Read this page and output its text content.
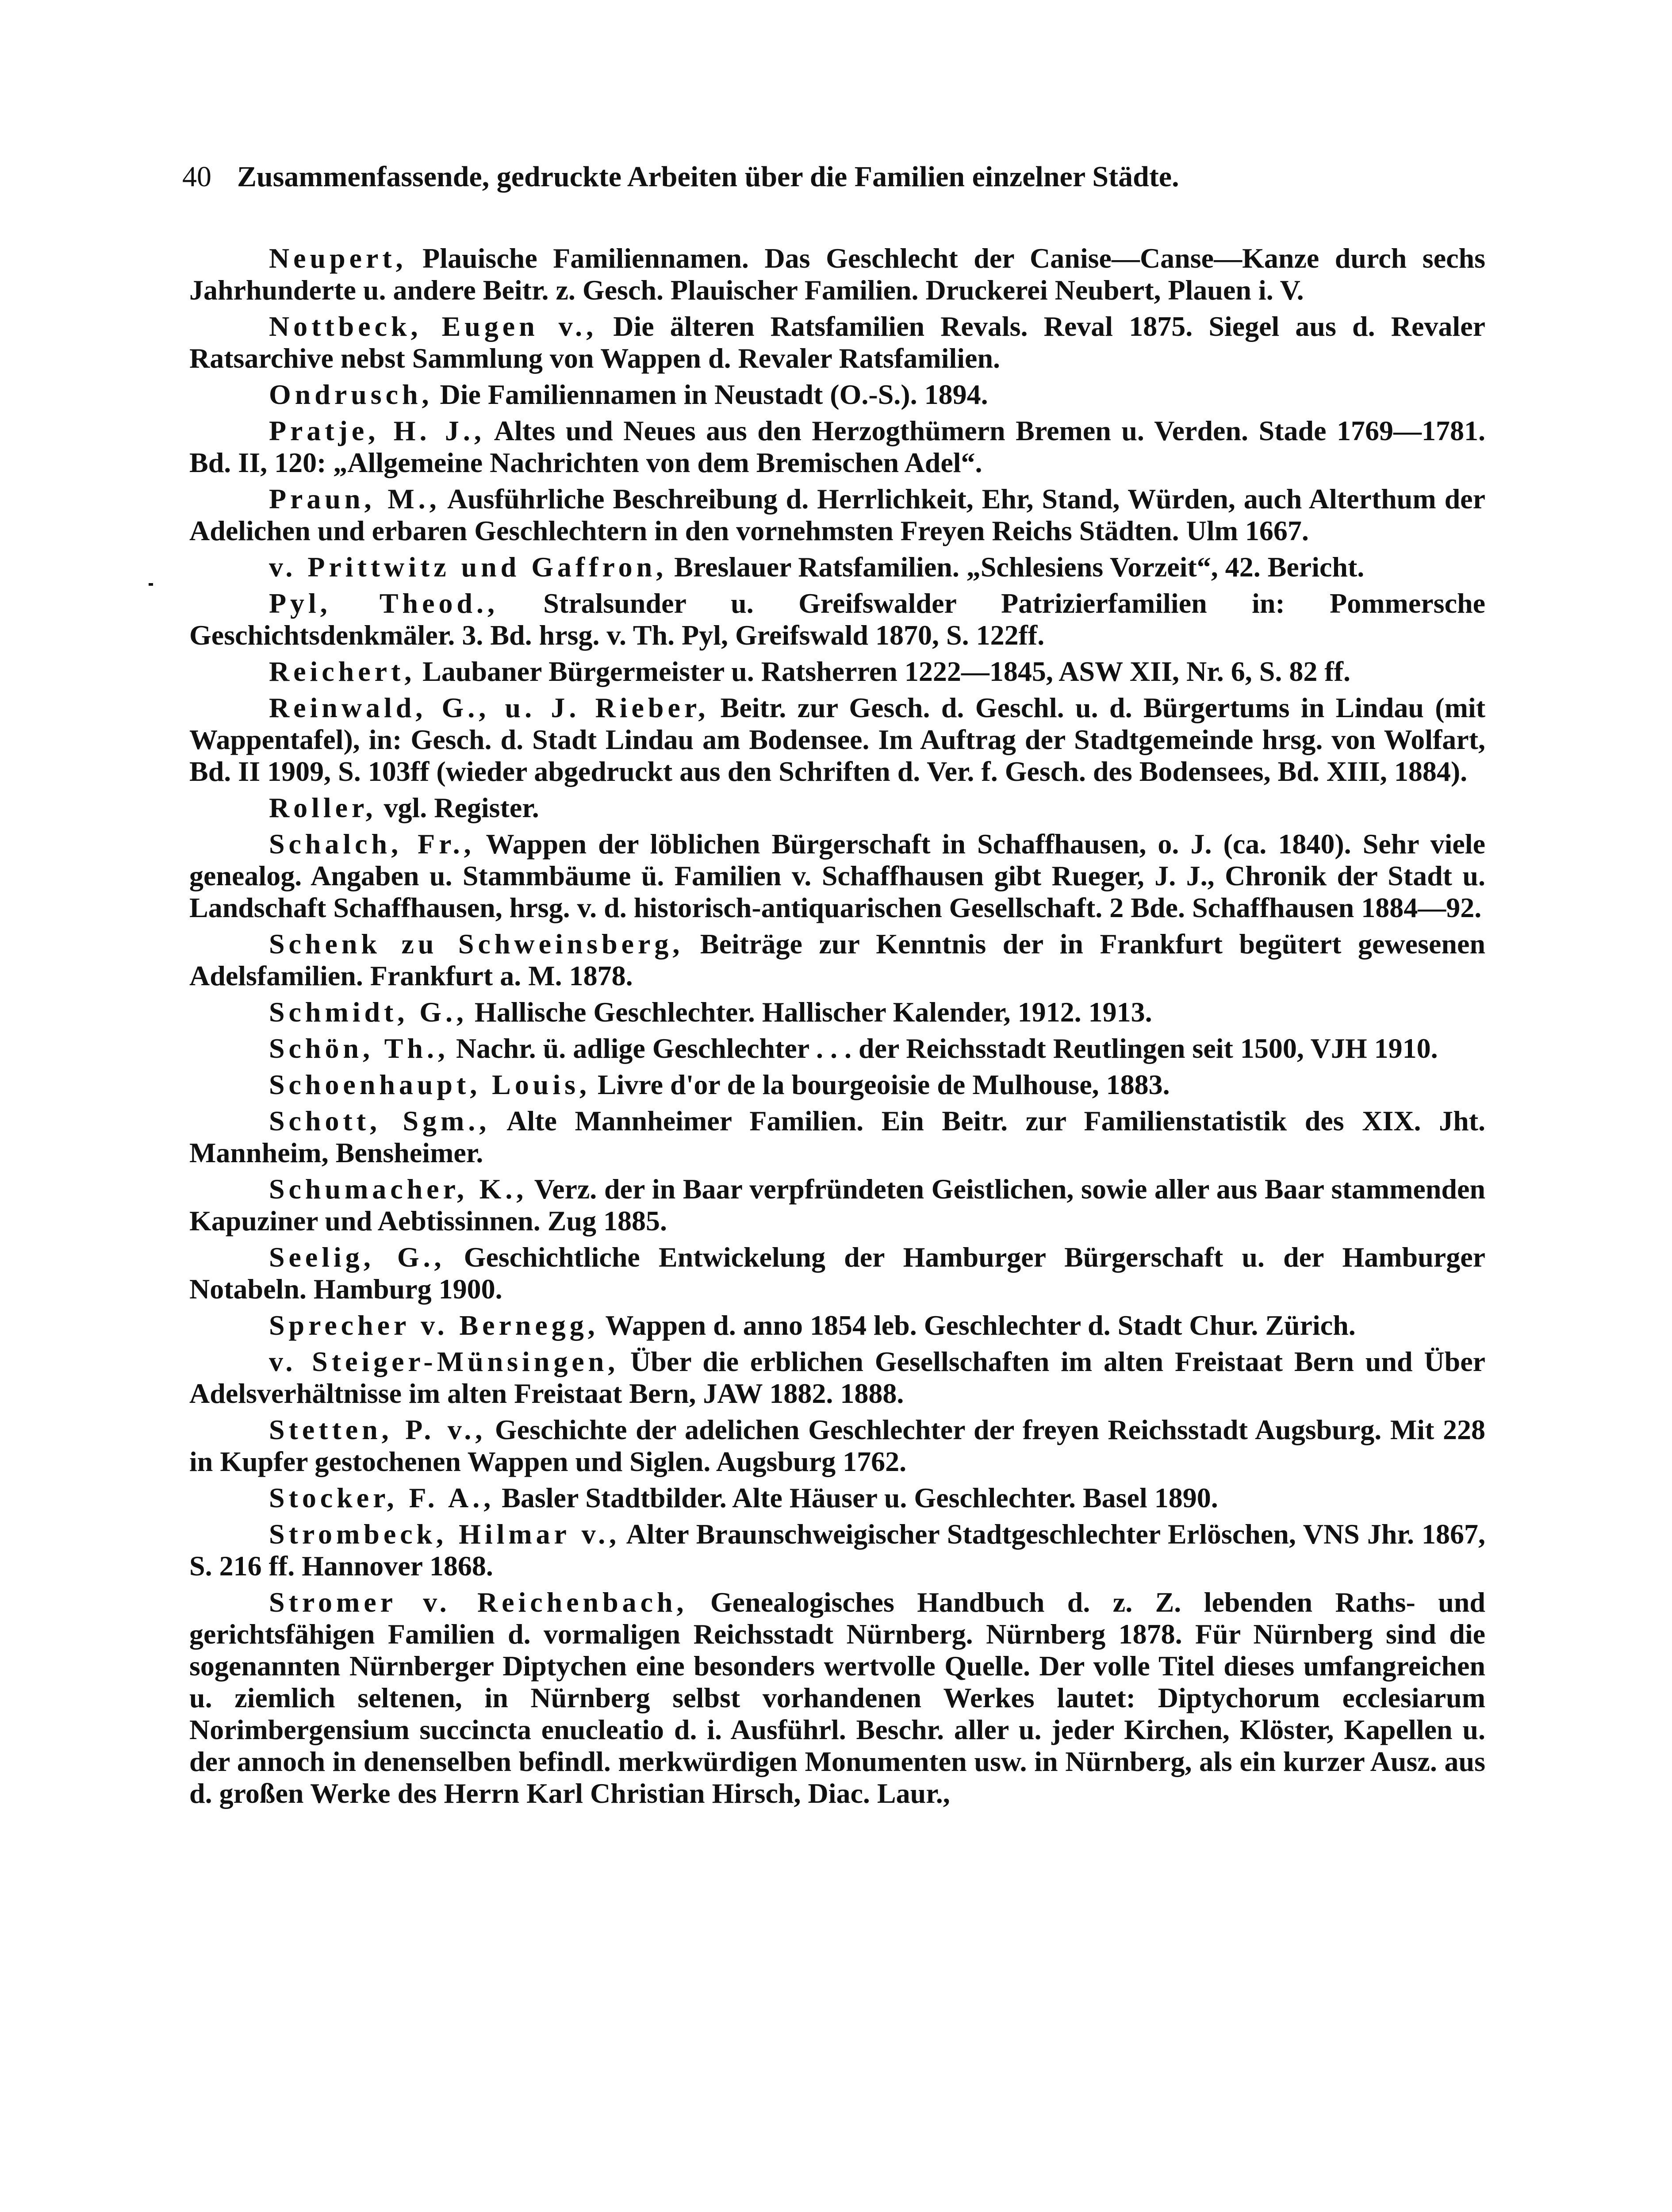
40 Zusammenfassende, gedruckte Arbeiten über die Familien einzelner Städte.

Neupert, Plauische Familiennamen. Das Geschlecht der Canise—Canse—Kanze durch sechs Jahrhunderte u. andere Beitr. z. Gesch. Plauischer Familien. Druckerei Neubert, Plauen i. V.

Nottbeck, Eugen v., Die älteren Ratsfamilien Revals. Reval 1875. Siegel aus d. Revaler Ratsarchive nebst Sammlung von Wappen d. Revaler Ratsfamilien.

Ondrusch, Die Familiennamen in Neustadt (O.-S.). 1894.

Pratje, H. J., Altes und Neues aus den Herzogthümern Bremen u. Verden. Stade 1769—1781. Bd. II, 120: „Allgemeine Nachrichten von dem Bremischen Adel“.

Praun, M., Ausführliche Beschreibung d. Herrlichkeit, Ehr, Stand, Würden, auch Alterthum der Adelichen und erbaren Geschlechtern in den vornehmsten Freyen Reichs Städten. Ulm 1667.

v. Prittwitz und Gaffron, Breslauer Ratsfamilien. „Schlesiens Vorzeit“, 42. Bericht.

Pyl, Theod., Stralsunder u. Greifswalder Patrizierfamilien in: Pommersche Geschichtsdenkmäler. 3. Bd. hrsg. v. Th. Pyl, Greifswald 1870, S. 122ff.

Reichert, Laubaner Bürgermeister u. Ratsherren 1222—1845, ASW XII, Nr. 6, S. 82 ff.

Reinwald, G., u. J. Rieber, Beitr. zur Gesch. d. Geschl. u. d. Bürgertums in Lindau (mit Wappentafel), in: Gesch. d. Stadt Lindau am Bodensee. Im Auftrag der Stadtgemeinde hrsg. von Wolfart, Bd. II 1909, S. 103ff (wieder abgedruckt aus den Schriften d. Ver. f. Gesch. des Bodensees, Bd. XIII, 1884).

Roller, vgl. Register.

Schalch, Fr., Wappen der löblichen Bürgerschaft in Schaffhausen, o. J. (ca. 1840). Sehr viele genealog. Angaben u. Stammbäume ü. Familien v. Schaffhausen gibt Rueger, J. J., Chronik der Stadt u. Landschaft Schaffhausen, hrsg. v. d. historisch-antiquarischen Gesellschaft. 2 Bde. Schaffhausen 1884—92.

Schenk zu Schweinsberg, Beiträge zur Kenntnis der in Frankfurt begütert gewesenen Adelsfamilien. Frankfurt a. M. 1878.

Schmidt, G., Hallische Geschlechter. Hallischer Kalender, 1912. 1913.

Schön, Th., Nachr. ü. adlige Geschlechter . . . der Reichsstadt Reutlingen seit 1500, VJH 1910.

Schoenhaupt, Louis, Livre d'or de la bourgeoisie de Mulhouse, 1883.

Schott, Sgm., Alte Mannheimer Familien. Ein Beitr. zur Familienstatistik des XIX. Jht. Mannheim, Bensheimer.

Schumacher, K., Verz. der in Baar verpfründeten Geistlichen, sowie aller aus Baar stammenden Kapuziner und Aebtissinnen. Zug 1885.

Seelig, G., Geschichtliche Entwickelung der Hamburger Bürgerschaft u. der Hamburger Notabeln. Hamburg 1900.

Sprecher v. Bernegg, Wappen d. anno 1854 leb. Geschlechter d. Stadt Chur. Zürich.

v. Steiger-Münsingen, Über die erblichen Gesellschaften im alten Freistaat Bern und Über Adelsverhältnisse im alten Freistaat Bern, JAW 1882. 1888.

Stetten, P. v., Geschichte der adelichen Geschlechter der freyen Reichsstadt Augsburg. Mit 228 in Kupfer gestochenen Wappen und Siglen. Augsburg 1762.

Stocker, F. A., Basler Stadtbilder. Alte Häuser u. Geschlechter. Basel 1890.

Strombeck, Hilmar v., Alter Braunschweigischer Stadtgeschlechter Erlöschen, VNS Jhr. 1867, S. 216 ff. Hannover 1868.

Stromer v. Reichenbach, Genealogisches Handbuch d. z. Z. lebenden Raths- und gerichtsfähigen Familien d. vormaligen Reichsstadt Nürnberg. Nürnberg 1878. Für Nürnberg sind die sogenannten Nürnberger Diptychen eine besonders wertvolle Quelle. Der volle Titel dieses umfangreichen u. ziemlich seltenen, in Nürnberg selbst vorhandenen Werkes lautet: Diptychorum ecclesiarum Norimbergensium succincta enucleatio d. i. Ausführl. Beschr. aller u. jeder Kirchen, Klöster, Kapellen u. der annoch in denenselben befindl. merkwürdigen Monumenten usw. in Nürnberg, als ein kurzer Ausz. aus d. großen Werke des Herrn Karl Christian Hirsch, Diac. Laur.,
